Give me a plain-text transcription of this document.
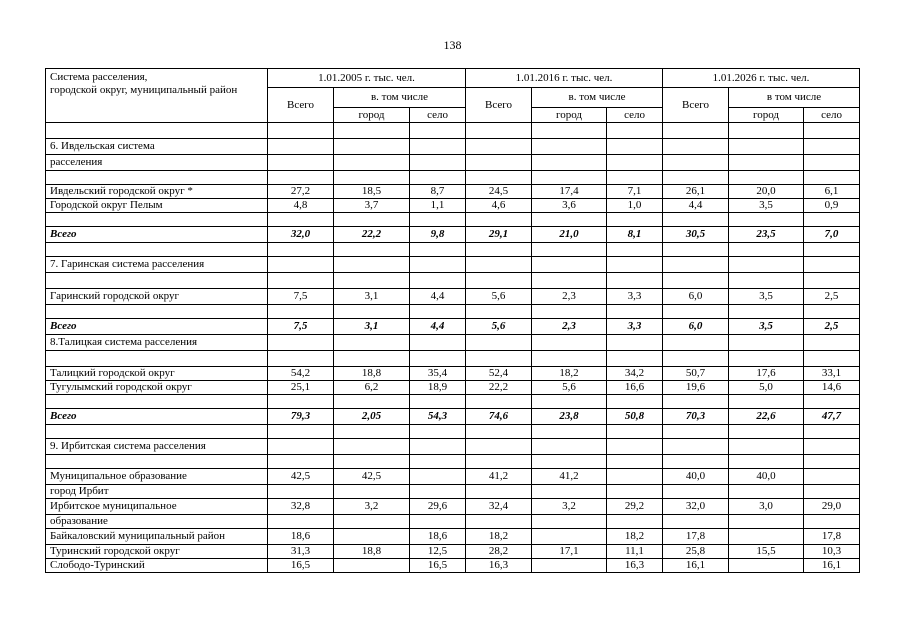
138
Система расселения,
городской округ, муниципальный район	1.01.2005 г. тыс. чел.			1.01.2016 г. тыс. чел.			1.01.2026 г. тыс. чел.		
	Всего	в. том числе		Всего	в. том числе		Всего	в том числе	
		город	село		город	село		город	село

6. Ивдельская система									
расселения									

Ивдельский городской округ *	27,2	18,5	8,7	24,5	17,4	7,1	26,1	20,0	6,1
Городской округ Пелым	4,8	3,7	1,1	4,6	3,6	1,0	4,4	3,5	0,9

Всего	32,0	22,2	9,8	29,1	21,0	8,1	30,5	23,5	7,0

7. Гаринская система расселения									

Гаринский городской округ	7,5	3,1	4,4	5,6	2,3	3,3	6,0	3,5	2,5

Всего	7,5	3,1	4,4	5,6	2,3	3,3	6,0	3,5	2,5
8.Талицкая система расселения									

Талицкий городской округ	54,2	18,8	35,4	52,4	18,2	34,2	50,7	17,6	33,1
Тугулымский городской округ	25,1	6,2	18,9	22,2	5,6	16,6	19,6	5,0	14,6

Всего	79,3	2,05	54,3	74,6	23,8	50,8	70,3	22,6	47,7

9. Ирбитская система расселения									

Муниципальное образование	42,5	42,5		41,2	41,2		40,0	40,0	
город Ирбит									
Ирбитское муниципальное	32,8	3,2	29,6	32,4	3,2	29,2	32,0	3,0	29,0
образование									
Байкаловский муниципальный район	18,6		18,6	18,2		18,2	17,8		17,8
Туринский городской округ	31,3	18,8	12,5	28,2	17,1	11,1	25,8	15,5	10,3
Слободо-Туринский	16,5		16,5	16,3		16,3	16,1		16,1
